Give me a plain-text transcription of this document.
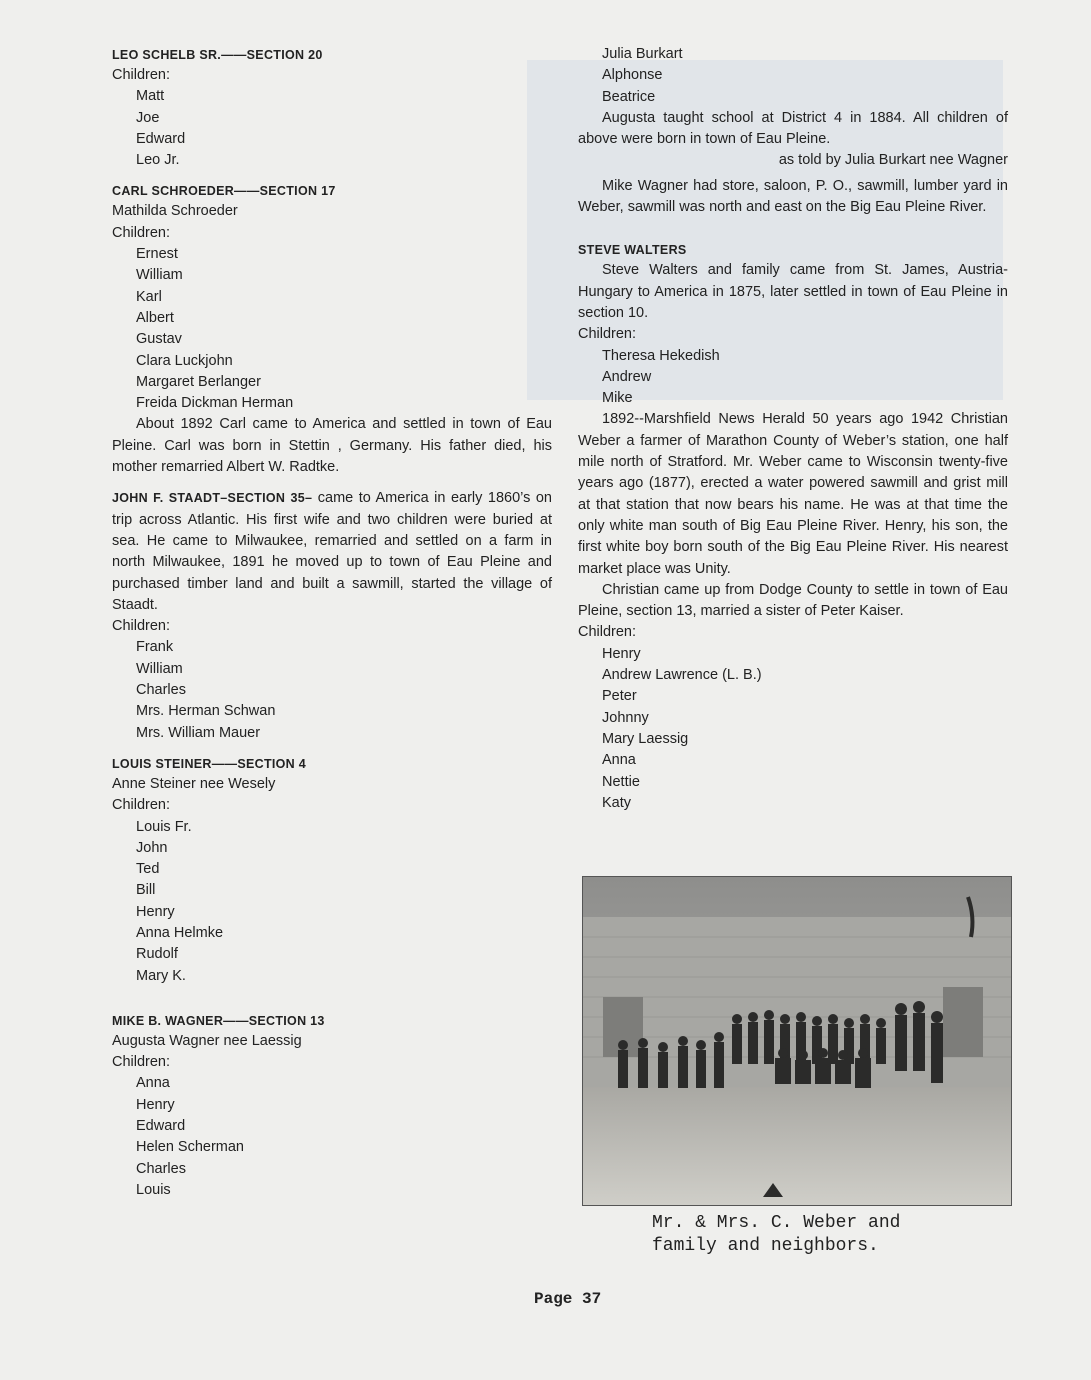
LEO SCHELB SR.——SECTION 20
Children:
Matt
Joe
Edward
Leo Jr.
CARL SCHROEDER——SECTION 17
Mathilda Schroeder
Children:
Ernest
William
Karl
Albert
Gustav
Clara Luckjohn
Margaret Berlanger
Freida Dickman Herman
About 1892 Carl came to America and settled in town of Eau Pleine. Carl was born in Stettin , Germany. His father died, his mother remarried Albert W. Radtke.
JOHN F. STAADT–SECTION 35– came to America in early 1860’s on trip across Atlantic. His first wife and two children were buried at sea. He came to Milwaukee, remarried and settled on a farm in north Milwaukee, 1891 he moved up to town of Eau Pleine and purchased timber land and built a sawmill, started the village of Staadt.
Children:
Frank
William
Charles
Mrs. Herman Schwan
Mrs. William Mauer
LOUIS STEINER——SECTION 4
Anne Steiner nee Wesely
Children:
Louis Fr.
John
Ted
Bill
Henry
Anna Helmke
Rudolf
Mary K.
MIKE B. WAGNER——SECTION 13
Augusta Wagner nee Laessig
Children:
Anna
Henry
Edward
Helen Scherman
Charles
Louis
Julia Burkart
Alphonse
Beatrice
Augusta taught school at District 4 in 1884. All children of above were born in town of Eau Pleine.
as told by Julia Burkart nee Wagner
Mike Wagner had store, saloon, P. O., sawmill, lumber yard in Weber, sawmill was north and east on the Big Eau Pleine River.
STEVE WALTERS
Steve Walters and family came from St. James, Austria-Hungary to America in 1875, later settled in town of Eau Pleine in section 10.
Children:
Theresa Hekedish
Andrew
Mike
1892--Marshfield News Herald 50 years ago 1942 Christian Weber a farmer of Marathon County of Weber’s station, one half mile north of Stratford. Mr. Weber came to Wisconsin twenty-five years ago (1877), erected a water powered sawmill and grist mill at that station that now bears his name. He was at that time the only white man south of Big Eau Pleine River. Henry, his son, the first white boy born south of the Big Eau Pleine River. His nearest market place was Unity.
Christian came up from Dodge County to settle in town of Eau Pleine, section 13, married a sister of Peter Kaiser.
Children:
Henry
Andrew Lawrence (L. B.)
Peter
Johnny
Mary Laessig
Anna
Nettie
Katy
Mr. & Mrs. C. Weber and
family and neighbors.
Page 37
